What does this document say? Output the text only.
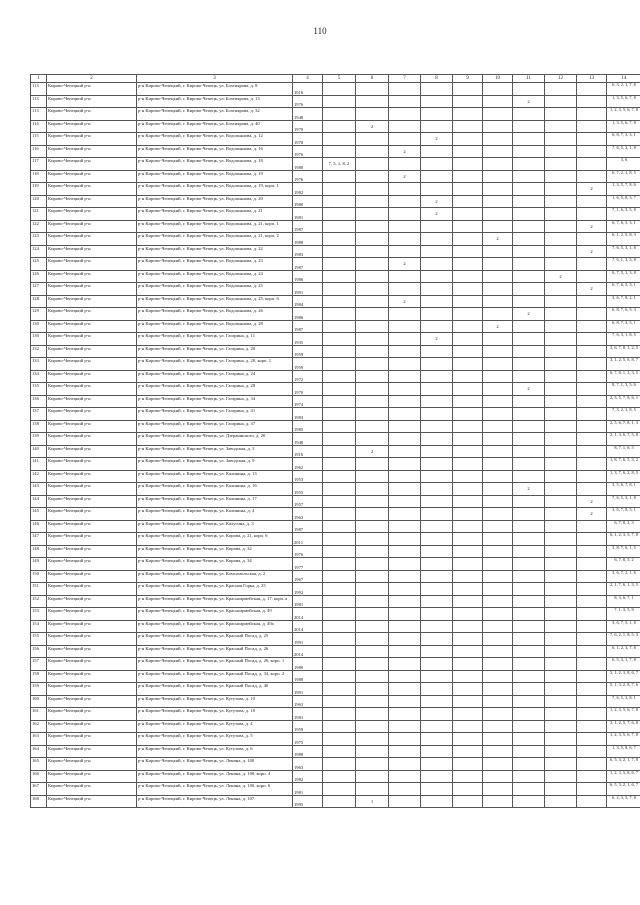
110
1	2	3	4	5	6	7	8	9	10	11	12	13	14
113	Кирово-Чепецкий р-н	р-н Кирово-Чепецкий, г. Кирово-Чепецк, ул. Бохтиярова, д. 8	1916										6, 3, 2, 1, 7, 8
113	Кирово-Чепецкий р-н	р-н Кирово-Чепецкий, г. Кирово-Чепецк, ул. Бохтиярова, д. 13	1976							2			1, 3, 5, 6, 7, 8
113	Кирово-Чепецкий р-н	р-н Кирово-Чепецкий, г. Кирово-Чепецк, ул. Бохтиярова, д. 32	1948										1, 2, 3, 5, 6, 7, 8
114	Кирово-Чепецкий р-н	р-н Кирово-Чепецкий, г. Кирово-Чепецк, ул. Бохтиярова, д. 40	1970		2								1, 3, 5, 6, 7, 8
115	Кирово-Чепецкий р-н	р-н Кирово-Чепецкий, г. Кирово-Чепецк, ул. Водопьянова, д. 12	1978				2						6, 8, 7, 3, 3, 1
116	Кирово-Чепецкий р-н	р-н Кирово-Чепецкий, г. Кирово-Чепецк, ул. Водопьянова, д. 16	1976			2							7, 6, 5, 3, 1, 8
117	Кирово-Чепецкий р-н	р-н Кирово-Чепецкий, г. Кирово-Чепецк, ул. Водопьянова, д. 18	1980	7, 5, 1, 8, 2									3, 6
118	Кирово-Чепецкий р-н	р-н Кирово-Чепецкий, г. Кирово-Чепецк, ул. Водопьянова, д. 19	1976			2							6, 7, 2, 1, 8, 5
119	Кирово-Чепецкий р-н	р-н Кирово-Чепецкий, г. Кирово-Чепецк, ул. Водопьянова, д. 19, корп. 1	1982									2	1, 3, 5, 7, 8, 6
120	Кирово-Чепецкий р-н	р-н Кирово-Чепецкий, г. Кирово-Чепецк, ул. Водопьянова, д. 20	1980				2						1, 6, 5, 8, 3, 7
121	Кирово-Чепецкий р-н	р-н Кирово-Чепецкий, г. Кирово-Чепецк, ул. Водопьянова, д. 21	1981				2						7, 1, 6, 3, 5, 8
122	Кирово-Чепецкий р-н	р-н Кирово-Чепецкий, г. Кирово-Чепецк, ул. Водопьянова, д. 21, корп. 1	1987									2	6, 7, 6, 5, 3, 1
123	Кирово-Чепецкий р-н	р-н Кирово-Чепецкий, г. Кирово-Чепецк, ул. Водопьянова, д. 21, корп. 2	1988						2				6, 1, 2, 5, 8, 3
124	Кирово-Чепецкий р-н	р-н Кирово-Чепецкий, г. Кирово-Чепецк, ул. Водопьянова, д. 22	1983									2	7, 6, 5, 3, 1, 8
125	Кирово-Чепецкий р-н	р-н Кирово-Чепецкий, г. Кирово-Чепецк, ул. Водопьянова, д. 23	1987			2							7, 6, 1, 3, 5, 8
126	Кирово-Чепецкий р-н	р-н Кирово-Чепецкий, г. Кирово-Чепецк, ул. Водопьянова, д. 24	1986								2		6, 7, 5, 1, 3, 8
127	Кирово-Чепецкий р-н	р-н Кирово-Чепецкий, г. Кирово-Чепецк, ул. Водопьянова, д. 25	1991									2	6, 7, 6, 5, 3, 1
128	Кирово-Чепецкий р-н	р-н Кирово-Чепецкий, г. Кирово-Чепецк, ул. Водопьянова, д. 25, корп. 6	1984			2							3, 6, 7, 8, 2, 1
129	Кирово-Чепецкий р-н	р-н Кирово-Чепецкий, г. Кирово-Чепецк, ул. Водопьянова, д. 26	1986							2			6, 8, 7, 6, 5, 3
130	Кирово-Чепецкий р-н	р-н Кирово-Чепецкий, г. Кирово-Чепецк, ул. Водопьянова, д. 28	1987						2				6, 8, 7, 3, 5, 1
130	Кирово-Чепецкий р-н	р-н Кирово-Чепецкий, г. Кирово-Чепецк, ул. Гагарина, д. 11	1935				2						7, 6, 3, 1, 8, 5
132	Кирово-Чепецкий р-н	р-н Кирово-Чепецкий, г. Кирово-Чепецк, ул. Гагарина, д. 20	1959										3, 6, 7, 8, 1, 2, 5
133	Кирово-Чепецкий р-н	р-н Кирово-Чепецкий, г. Кирово-Чепецк, ул. Гагарина, д. 20, корп. 1	1959										3, 1, 2, 5, 6, 8, 7
134	Кирово-Чепецкий р-н	р-н Кирово-Чепецкий, г. Кирово-Чепецк, ул. Гагарина, д. 24	1972										6, 7, 8, 1, 2, 3, 5
135	Кирово-Чепецкий р-н	р-н Кирово-Чепецкий, г. Кирово-Чепецк, ул. Гагарина, д. 28	1970							2			8, 7, 1, 3, 5, 6
136	Кирово-Чепецкий р-н	р-н Кирово-Чепецкий, г. Кирово-Чепецк, ул. Гагарина, д. 34	1974										2, 3, 5, 7, 8, 6, 1
137	Кирово-Чепецкий р-н	р-н Кирово-Чепецкий, г. Кирово-Чепецк, ул. Гагарина, д. 41	1983										7, 3, 2, 1, 8, 5
138	Кирово-Чепецкий р-н	р-н Кирово-Чепецкий, г. Кирово-Чепецк, ул. Гагарина, д. 37	1985										2, 5, 6, 7, 8, 1, 3
139	Кирово-Чепецкий р-н	р-н Кирово-Чепецкий, г. Кирово-Чепецк, ул. Дзержинского, д. 20	1948										2, 1, 3, 6, 7, 5, 8
140	Кирово-Чепецкий р-н	р-н Кирово-Чепецкий, г. Кирово-Чепецк, ул. Заводская, д. 3	1916		2								8, 7, 1, 6, 3
141	Кирово-Чепецкий р-н	р-н Кирово-Чепецкий, г. Кирово-Чепецк, ул. Заводская, д. 9	1962										1, 8, 7, 6, 5, 3, 2
142	Кирово-Чепецкий р-н	р-н Кирово-Чепецкий, г. Кирово-Чепецк, ул. Калинина, д. 13	1953										1, 3, 7, 6, 2, 8, 5
143	Кирово-Чепецкий р-н	р-н Кирово-Чепецкий, г. Кирово-Чепецк, ул. Калинина, д. 16	1955							2			3, 5, 6, 7, 8, 1
144	Кирово-Чепецкий р-н	р-н Кирово-Чепецкий, г. Кирово-Чепецк, ул. Калинина, д. 17	1957									2	7, 6, 5, 3, 1, 8
145	Кирово-Чепецкий р-н	р-н Кирово-Чепецкий, г. Кирово-Чепецк, ул. Калинина, д. 4	1963									2	3, 6, 7, 8, 5, 1
146	Кирово-Чепецкий р-н	р-н Кирово-Чепецкий, г. Кирово-Чепецк, ул. Калугина, д. 3	1987										6, 7, 8, 2, 3
147	Кирово-Чепецкий р-н	р-н Кирово-Чепецкий, г. Кирово-Чепецк, ул. Кирова, д. 21, корп. 6	2011										6, 1, 2, 3, 5, 7, 8
148	Кирово-Чепецкий р-н	р-н Кирово-Чепецкий, г. Кирово-Чепецк, ул. Кирова, д. 32	1976										3, 8, 7, 6, 1, 5
149	Кирово-Чепецкий р-н	р-н Кирово-Чепецкий, г. Кирово-Чепецк, ул. Кирова, д. 34	1977										6, 7, 8, 5, 2
150	Кирово-Чепецкий р-н	р-н Кирово-Чепецкий, г. Кирово-Чепецк, ул. Комсомольская, д. 2	1967										3, 6, 7, 2, 1, 6
151	Кирово-Чепецкий р-н	р-н Кирово-Чепецкий, г. Кирово-Чепецк, ул. Красная Горка, д. 25	1992										2, 1, 7, 6, 1, 3, 5
152	Кирово-Чепецкий р-н	р-н Кирово-Чепецкий, г. Кирово-Чепецк, ул. Красноармейская, д. 17, корп. а	1981										8, 3, 6, 7, 1
153	Кирово-Чепецкий р-н	р-н Кирово-Чепецкий, г. Кирово-Чепецк, ул. Красноармейская, д. 49	2014										7, 1, 3, 5, 8
154	Кирово-Чепецкий р-н	р-н Кирово-Чепецкий, г. Кирово-Чепецк, ул. Красноармейская, д. 49а	2014										3, 6, 7, 5, 1, 8
155	Кирово-Чепецкий р-н	р-н Кирово-Чепецкий, г. Кирово-Чепецк, ул. Красный Посад, д. 25	1991										7, 6, 2, 1, 8, 5, 3
156	Кирово-Чепецкий р-н	р-н Кирово-Чепецкий, г. Кирово-Чепецк, ул. Красный Посад, д. 26	2014										6, 1, 2, 3, 7, 8
157	Кирово-Чепецкий р-н	р-н Кирово-Чепецкий, г. Кирово-Чепецк, ул. Красный Посад, д. 26, корп. 1	1980										6, 5, 3, 1, 7, 8
158	Кирово-Чепецкий р-н	р-н Кирово-Чепецкий, г. Кирово-Чепецк, ул. Красный Посад, д. 34, корп. 2	1988										5, 1, 2, 3, 8, 6, 7
159	Кирово-Чепецкий р-н	р-н Кирово-Чепецкий, г. Кирово-Чепецк, ул. Красный Посад, д. 40	1991										5, 1, 3, 2, 8, 7, 6
160	Кирово-Чепецкий р-н	р-н Кирово-Чепецкий, г. Кирово-Чепецк, ул. Кутузова, д. 10	1963										7, 6, 5, 3, 8, 1
161	Кирово-Чепецкий р-н	р-н Кирово-Чепецкий, г. Кирово-Чепецк, ул. Кутузова, д. 18	1981										1, 2, 3, 5, 6, 7, 8
162	Кирово-Чепецкий р-н	р-н Кирово-Чепецкий, г. Кирово-Чепецк, ул. Кутузова, д. 4	1959										3, 1, 2, 5, 7, 6, 8
163	Кирово-Чепецкий р-н	р-н Кирово-Чепецкий, г. Кирово-Чепецк, ул. Кутузова, д. 5	1975										1, 2, 3, 5, 6, 7, 8
164	Кирово-Чепецкий р-н	р-н Кирово-Чепецкий, г. Кирово-Чепецк, ул. Кутузова, д. 6	1988										1, 3, 5, 8, 6, 7
165	Кирово-Чепецкий р-н	р-н Кирово-Чепецкий, г. Кирово-Чепецк, ул. Ленина, д. 100	1963										6, 5, 3, 2, 1, 7, 8
166	Кирово-Чепецкий р-н	р-н Кирово-Чепецкий, г. Кирово-Чепецк, ул. Ленина, д. 100, корп. 4	1982										1, 2, 3, 5, 8, 6, 7
167	Кирово-Чепецкий р-н	р-н Кирово-Чепецкий, г. Кирово-Чепецк, ул. Ленина, д. 100, корп. 6	1981										6, 5, 3, 2, 1, 6, 7
168	Кирово-Чепецкий р-н	р-н Кирово-Чепецкий, г. Кирово-Чепецк, ул. Ленина, д. 107	1995		1								6, 2, 3, 5, 7, 8
